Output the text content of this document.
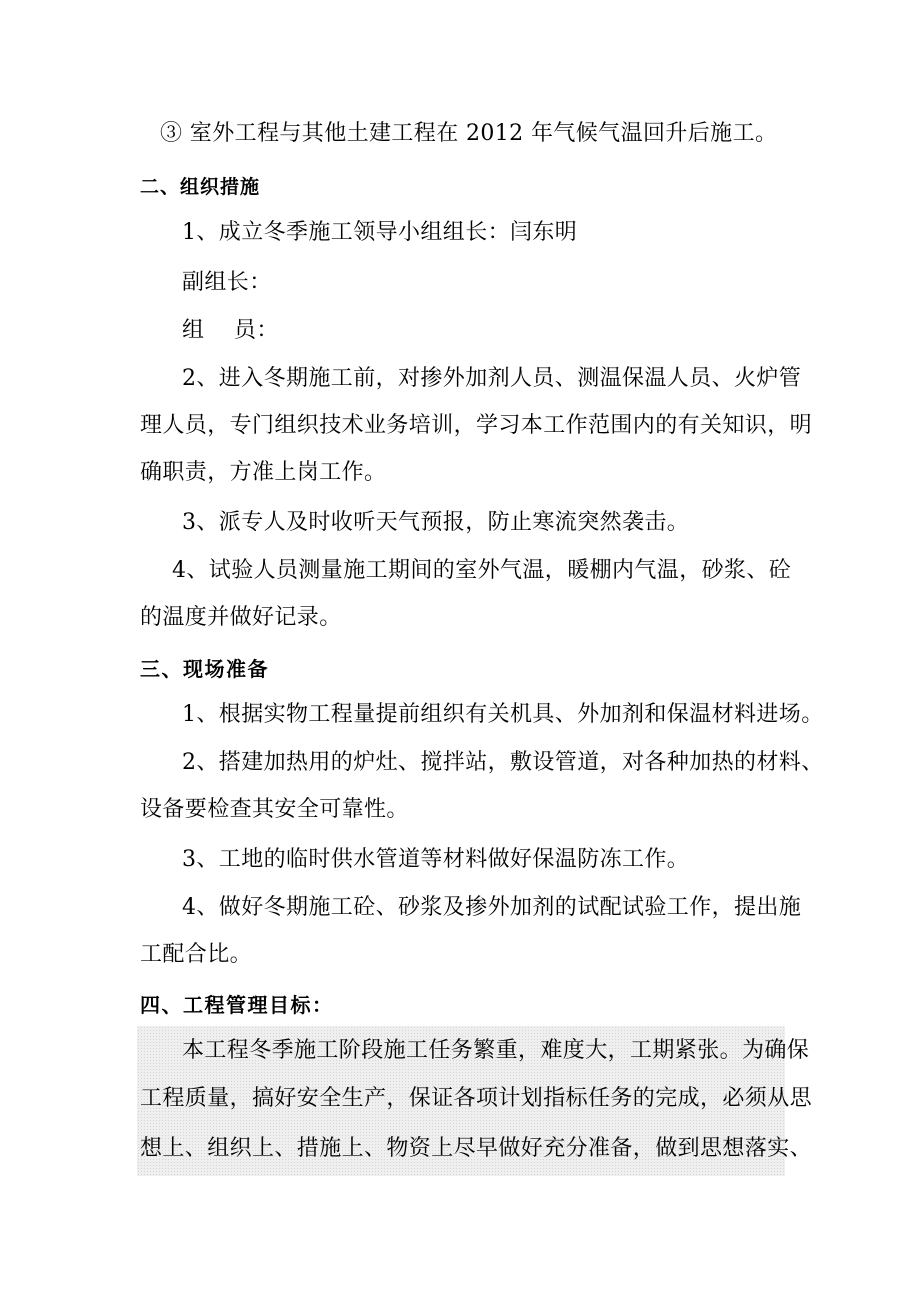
③ 室外工程与其他土建工程在 2012 年气候气温回升后施工。
二、组织措施
1、成立冬季施工领导小组组长：闫东明
副组长：
组    员：
2、进入冬期施工前，对掺外加剂人员、测温保温人员、火炉管
理人员，专门组织技术业务培训，学习本工作范围内的有关知识，明
确职责，方准上岗工作。
3、派专人及时收听天气预报，防止寒流突然袭击。
4、试验人员测量施工期间的室外气温，暖棚内气温，砂浆、砼
的温度并做好记录。
三、现场准备
1、根据实物工程量提前组织有关机具、外加剂和保温材料进场。
2、搭建加热用的炉灶、搅拌站，敷设管道，对各种加热的材料、
设备要检查其安全可靠性。
3、工地的临时供水管道等材料做好保温防冻工作。
4、做好冬期施工砼、砂浆及掺外加剂的试配试验工作，提出施
工配合比。
四、工程管理目标：
本工程冬季施工阶段施工任务繁重，难度大，工期紧张。为确保
工程质量，搞好安全生产，保证各项计划指标任务的完成，必须从思
想上、组织上、措施上、物资上尽早做好充分准备，做到思想落实、
